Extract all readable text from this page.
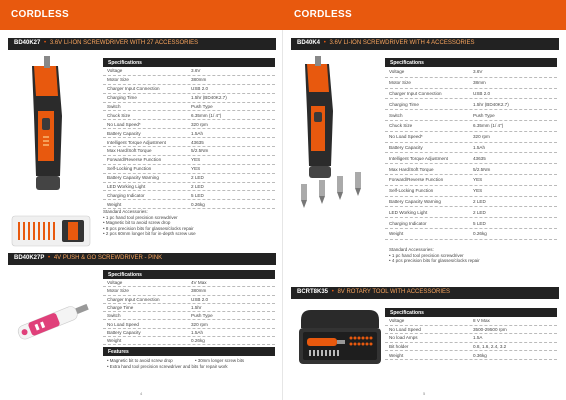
CORDLESS
BD40K27 • 3.6V LI-ION SCREWDRIVER WITH 27 ACCESSORIES
Specifications
Voltage	3.6V
Motor Size	380mm
Charger Input Connection	USB 2.0
Charging Time	1.5hr (BD40K2.7)
Switch	Push Type
Chuck Size	6.35mm (1/ 4")
No Load Speed*	320 rpm
Battery Capacity	1.5Ah
Intelligent Torque Adjustment	43635
Max Hard/Soft Torque	5/2.5Nm
Forward/Reverse Function	YES
Self-Locking Function	YES
Battery Capacity Warning	2 LED
LED Working Light	2 LED
Charging Indicator	5 LED
Weight	0.26kg
Standard Accessories:
• 1 pc hand tool precision screwdriver
• Magnetic bit to avoid screw drop
• 8 pcs precision bits for glasses/clocks repair
• 2 pcs 60mm longer bit for in-depth screw use
BD40K27P • 4V PUSH & GO SCREWDRIVER - PINK
Specifications
Voltage	4V Max
Motor Size	380mm
Charger Input Connection	USB 2.0
Charge Time	1.5hr
Switch	Push Type
No Load Speed	320 rpm
Battery Capacity	1.5Ah
Weight	0.26kg
Features
• Magnetic bit to avoid screw drop	• 30mm longer screw bits
• Extra hand tool precision screwdriver and bits for repair work
4
CORDLESS
BD40K4 • 3.6V LI-ION SCREWDRIVER WITH 4 ACCESSORIES
Specifications
Voltage	3.6V
Motor Size	38mm
Charger Input Connection	USB 2.0
Charging Time	1.5hr (BD40K2.7)
Switch	Push Type
Chuck Size	6.35mm (1/ 4")
No Load Speed*	320 rpm
Battery Capacity	1.5Ah
Intelligent Torque Adjustment	43635
Max Hard/Soft Torque	5/2.5Nm
Forward/Reverse Function	YES
Self-Locking Function	YES
Battery Capacity Warning	2 LED
LED Working Light	2 LED
Charging Indicator	5 LED
Weight	0.26kg
Standard Accessories:
• 1 pc hand tool precision screwdriver
• 4 pcs precision bits for glasses/clocks repair
BCRT8K35 • 8V ROTARY TOOL WITH ACCESSORIES
Specifications
Voltage	8 V Max
No Load Speed	3500-29500 rpm
No load Amps	1.5A
Bit holder	0.8, 1.6, 2.4, 3.2
Weight	0.36kg
5
